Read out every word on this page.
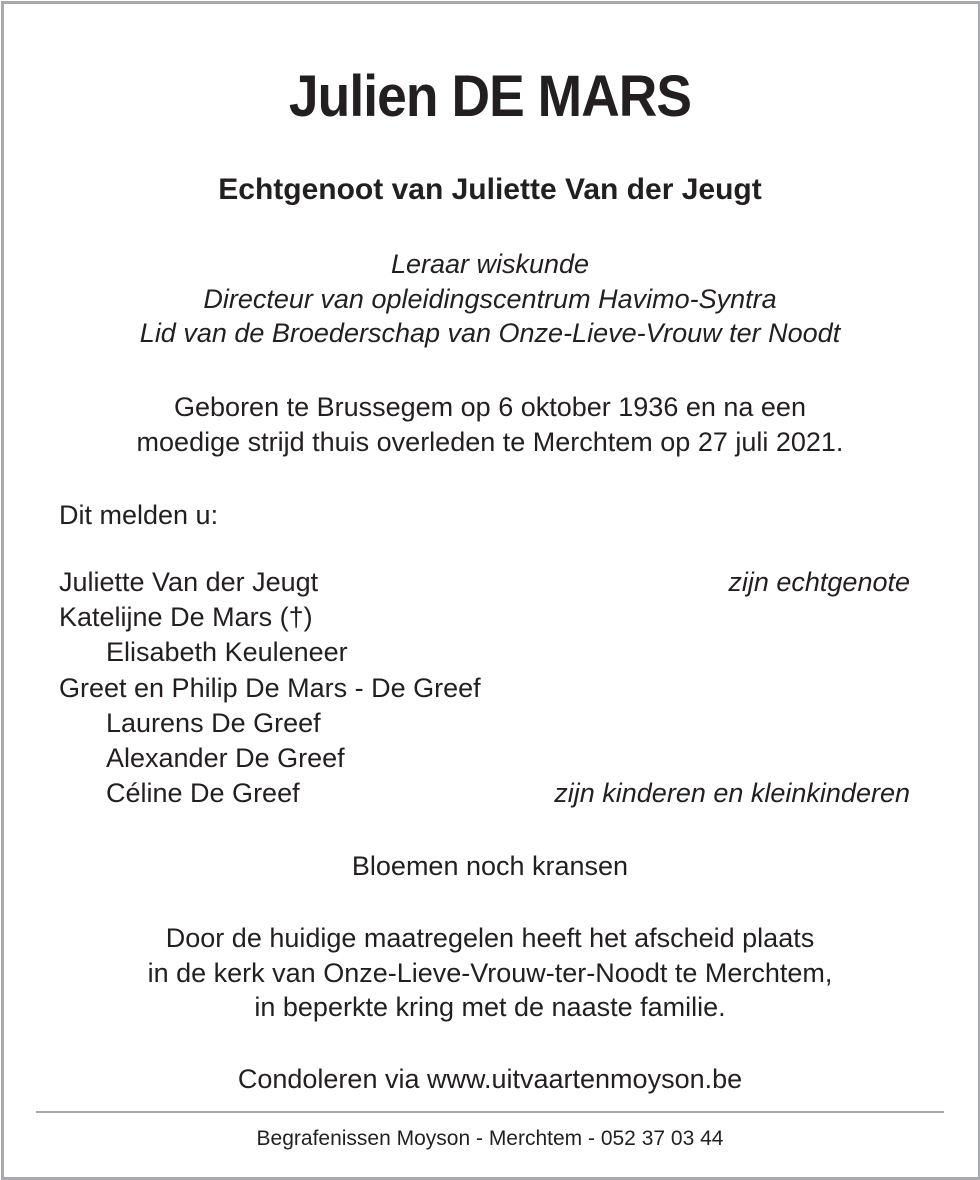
Julien DE MARS
Echtgenoot van Juliette Van der Jeugt
Leraar wiskunde
Directeur van opleidingscentrum Havimo-Syntra
Lid van de Broederschap van Onze-Lieve-Vrouw ter Noodt
Geboren te Brussegem op 6 oktober 1936 en na een
moedige strijd thuis overleden te Merchtem op 27 juli 2021.
Dit melden u:
Juliette Van der Jeugt	zijn echtgenote
Katelijne De Mars (†)
Elisabeth Keuleneer
Greet en Philip De Mars - De Greef
Laurens De Greef
Alexander De Greef
Céline De Greef	zijn kinderen en kleinkinderen
Bloemen noch kransen
Door de huidige maatregelen heeft het afscheid plaats
in de kerk van Onze-Lieve-Vrouw-ter-Noodt te Merchtem,
in beperkte kring met de naaste familie.
Condoleren via www.uitvaartenmoyson.be
Begrafenissen Moyson - Merchtem - 052 37 03 44
